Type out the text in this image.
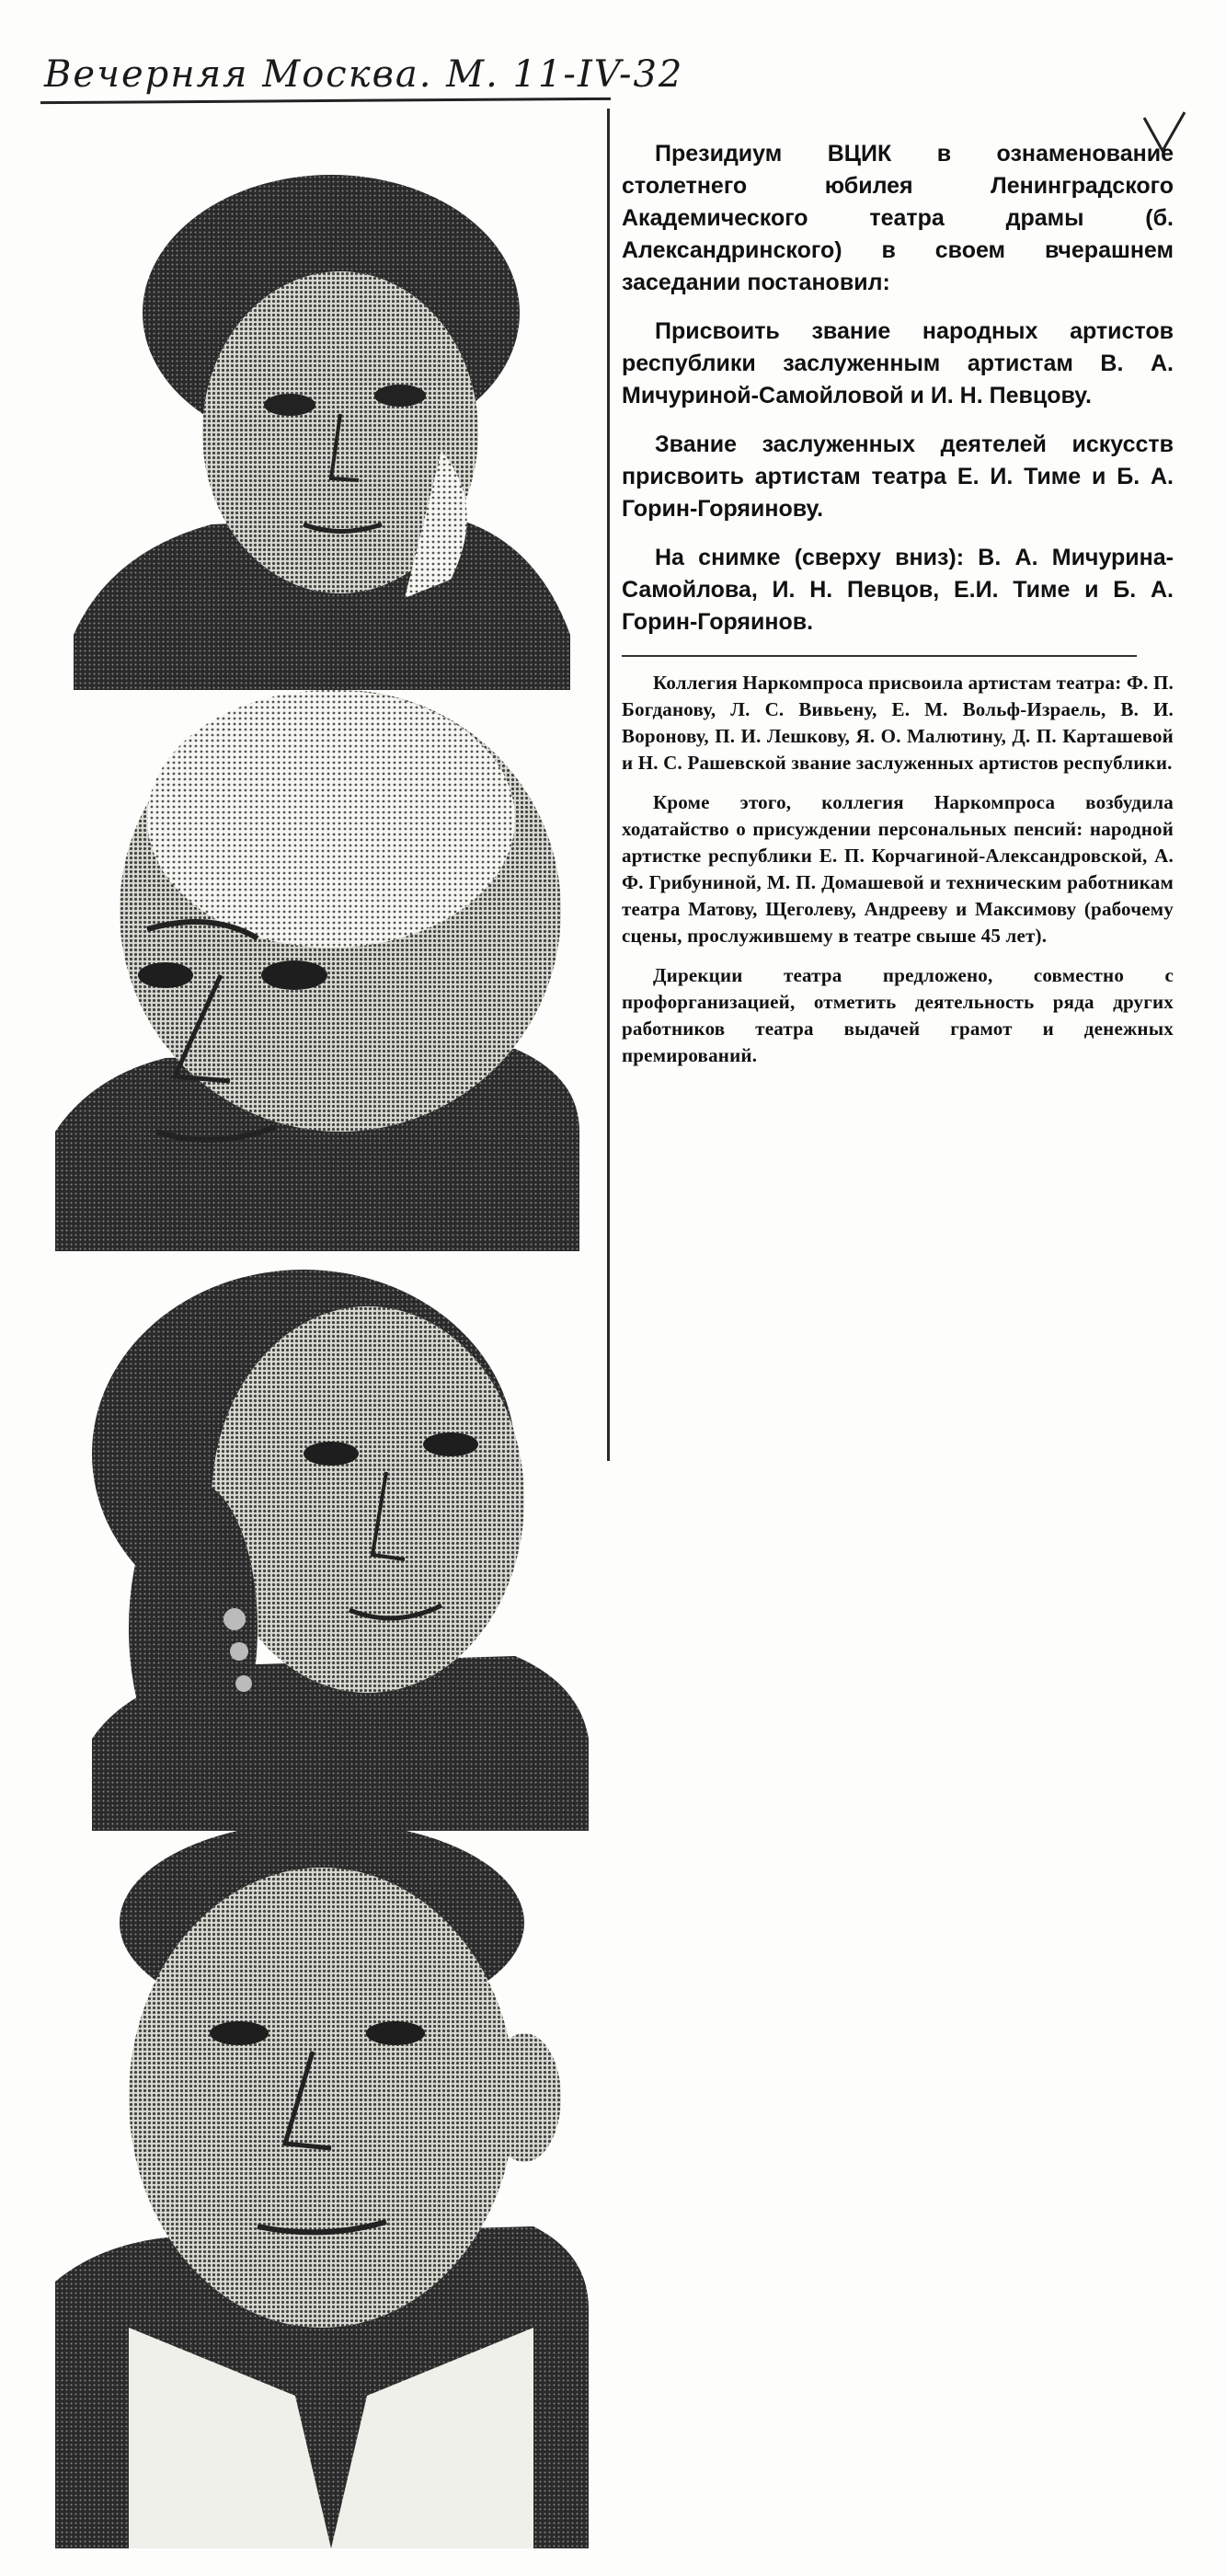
Вечерняя Москва. М. 11-IV-32

Президиум ВЦИК в ознаменование столетнего юбилея Ленинградского Академического театра драмы (б. Александринского) в своем вчерашнем заседании постановил:

Присвоить звание народных артистов республики заслуженным артистам В. А. Мичуриной-Самойловой и И. Н. Певцову.

Звание заслуженных деятелей искусств присвоить артистам театра Е. И. Тиме и Б. А. Горин-Горяинову.

На снимке (сверху вниз): В. А. Мичурина-Самойлова, И. Н. Певцов, Е.И. Тиме и Б. А. Горин-Горяинов.

Коллегия Наркомпроса присвоила артистам театра: Ф. П. Богданову, Л. С. Вивьену, Е. М. Вольф-Израель, В. И. Воронову, П. И. Лешкову, Я. О. Малютину, Д. П. Карташевой и Н. С. Рашевской звание заслуженных артистов республики.

Кроме этого, коллегия Наркомпроса возбудила ходатайство о присуждении персональных пенсий: народной артистке республики Е. П. Корчагиной-Александровской, А. Ф. Грибуниной, М. П. Домашевой и техническим работникам театра Матову, Щеголеву, Андрееву и Максимову (рабочему сцены, прослужившему в театре свыше 45 лет).

Дирекции театра предложено, совместно с профорганизацией, отметить деятельность ряда других работников театра выдачей грамот и денежных премирований.
